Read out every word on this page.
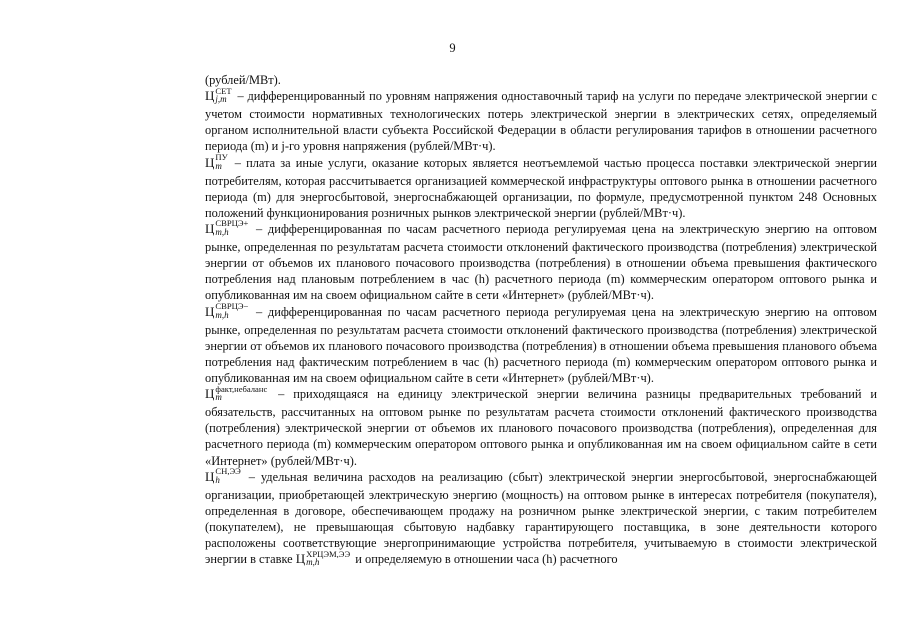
9

(рублей/МВт).

Ц СЕТ
j,m – дифференцированный по уровням напряжения одноставочный тариф на услуги по передаче электрической энергии с учетом стоимости нормативных технологических потерь электрической энергии в электрических сетях, определяемый органом исполнительной власти субъекта Российской Федерации в области регулирования тарифов в отношении расчетного периода (m) и j-го уровня напряжения (рублей/МВт·ч).

Ц ПУ
m – плата за иные услуги, оказание которых является неотъемлемой частью процесса поставки электрической энергии потребителям, которая рассчитывается организацией коммерческой инфраструктуры оптового рынка в отношении расчетного периода (m) для энергосбытовой, энергоснабжающей организации, по формуле, предусмотренной пунктом 248 Основных положений функционирования розничных рынков электрической энергии (рублей/МВт·ч).

Ц СВРЦЭ+
m,h	– дифференцированная по часам расчетного периода регулируемая цена на электрическую энергию на оптовом рынке, определенная по результатам расчета стоимости отклонений фактического производства (потребления) электрической энергии от объемов их планового почасового производства (потребления) в отношении объема превышения фактического потребления над плановым потреблением в час (h) расчетного периода (m) коммерческим оператором оптового рынка и опубликованная им на своем официальном сайте в сети «Интернет» (рублей/МВт·ч).

Ц СВРЦЭ−
m,h	– дифференцированная по часам расчетного периода регулируемая цена на электрическую энергию на оптовом рынке, определенная по результатам расчета стоимости отклонений фактического производства (потребления) электрической энергии от объемов их планового почасового производства (потребления) в отношении объема превышения планового объема потребления над фактическим потреблением в час (h) расчетного периода (m) коммерческим оператором оптового рынка и опубликованная им на своем официальном сайте в сети «Интернет» (рублей/МВт·ч).

Ц факт,небаланс
m	– приходящаяся на единицу электрической энергии величина разницы предварительных требований и обязательств, рассчитанных на оптовом рынке по результатам расчета стоимости отклонений фактического производства (потребления) электрической энергии от объемов их планового почасового производства (потребления), определенная для расчетного периода (m) коммерческим оператором оптового рынка и опубликованная им на своем официальном сайте в сети «Интернет» (рублей/МВт·ч).

Ц СН,ЭЭ
h	– удельная величина расходов на реализацию (сбыт) электрической энергии энергосбытовой, энергоснабжающей организации, приобретающей электрическую энергию (мощность) на оптовом рынке в интересах потребителя (покупателя), определенная в договоре, обеспечивающем продажу на розничном рынке электрической энергии, с таким потребителем (покупателем), не превышающая сбытовую надбавку гарантирующего поставщика, в зоне деятельности которого расположены соответствующие энергопринимающие устройства потребителя, учитываемую в стоимости электрической энергии в ставке Ц ХРЦЭМ,ЭЭ
m,h	и определяемую в отношении часа (h) расчетного
